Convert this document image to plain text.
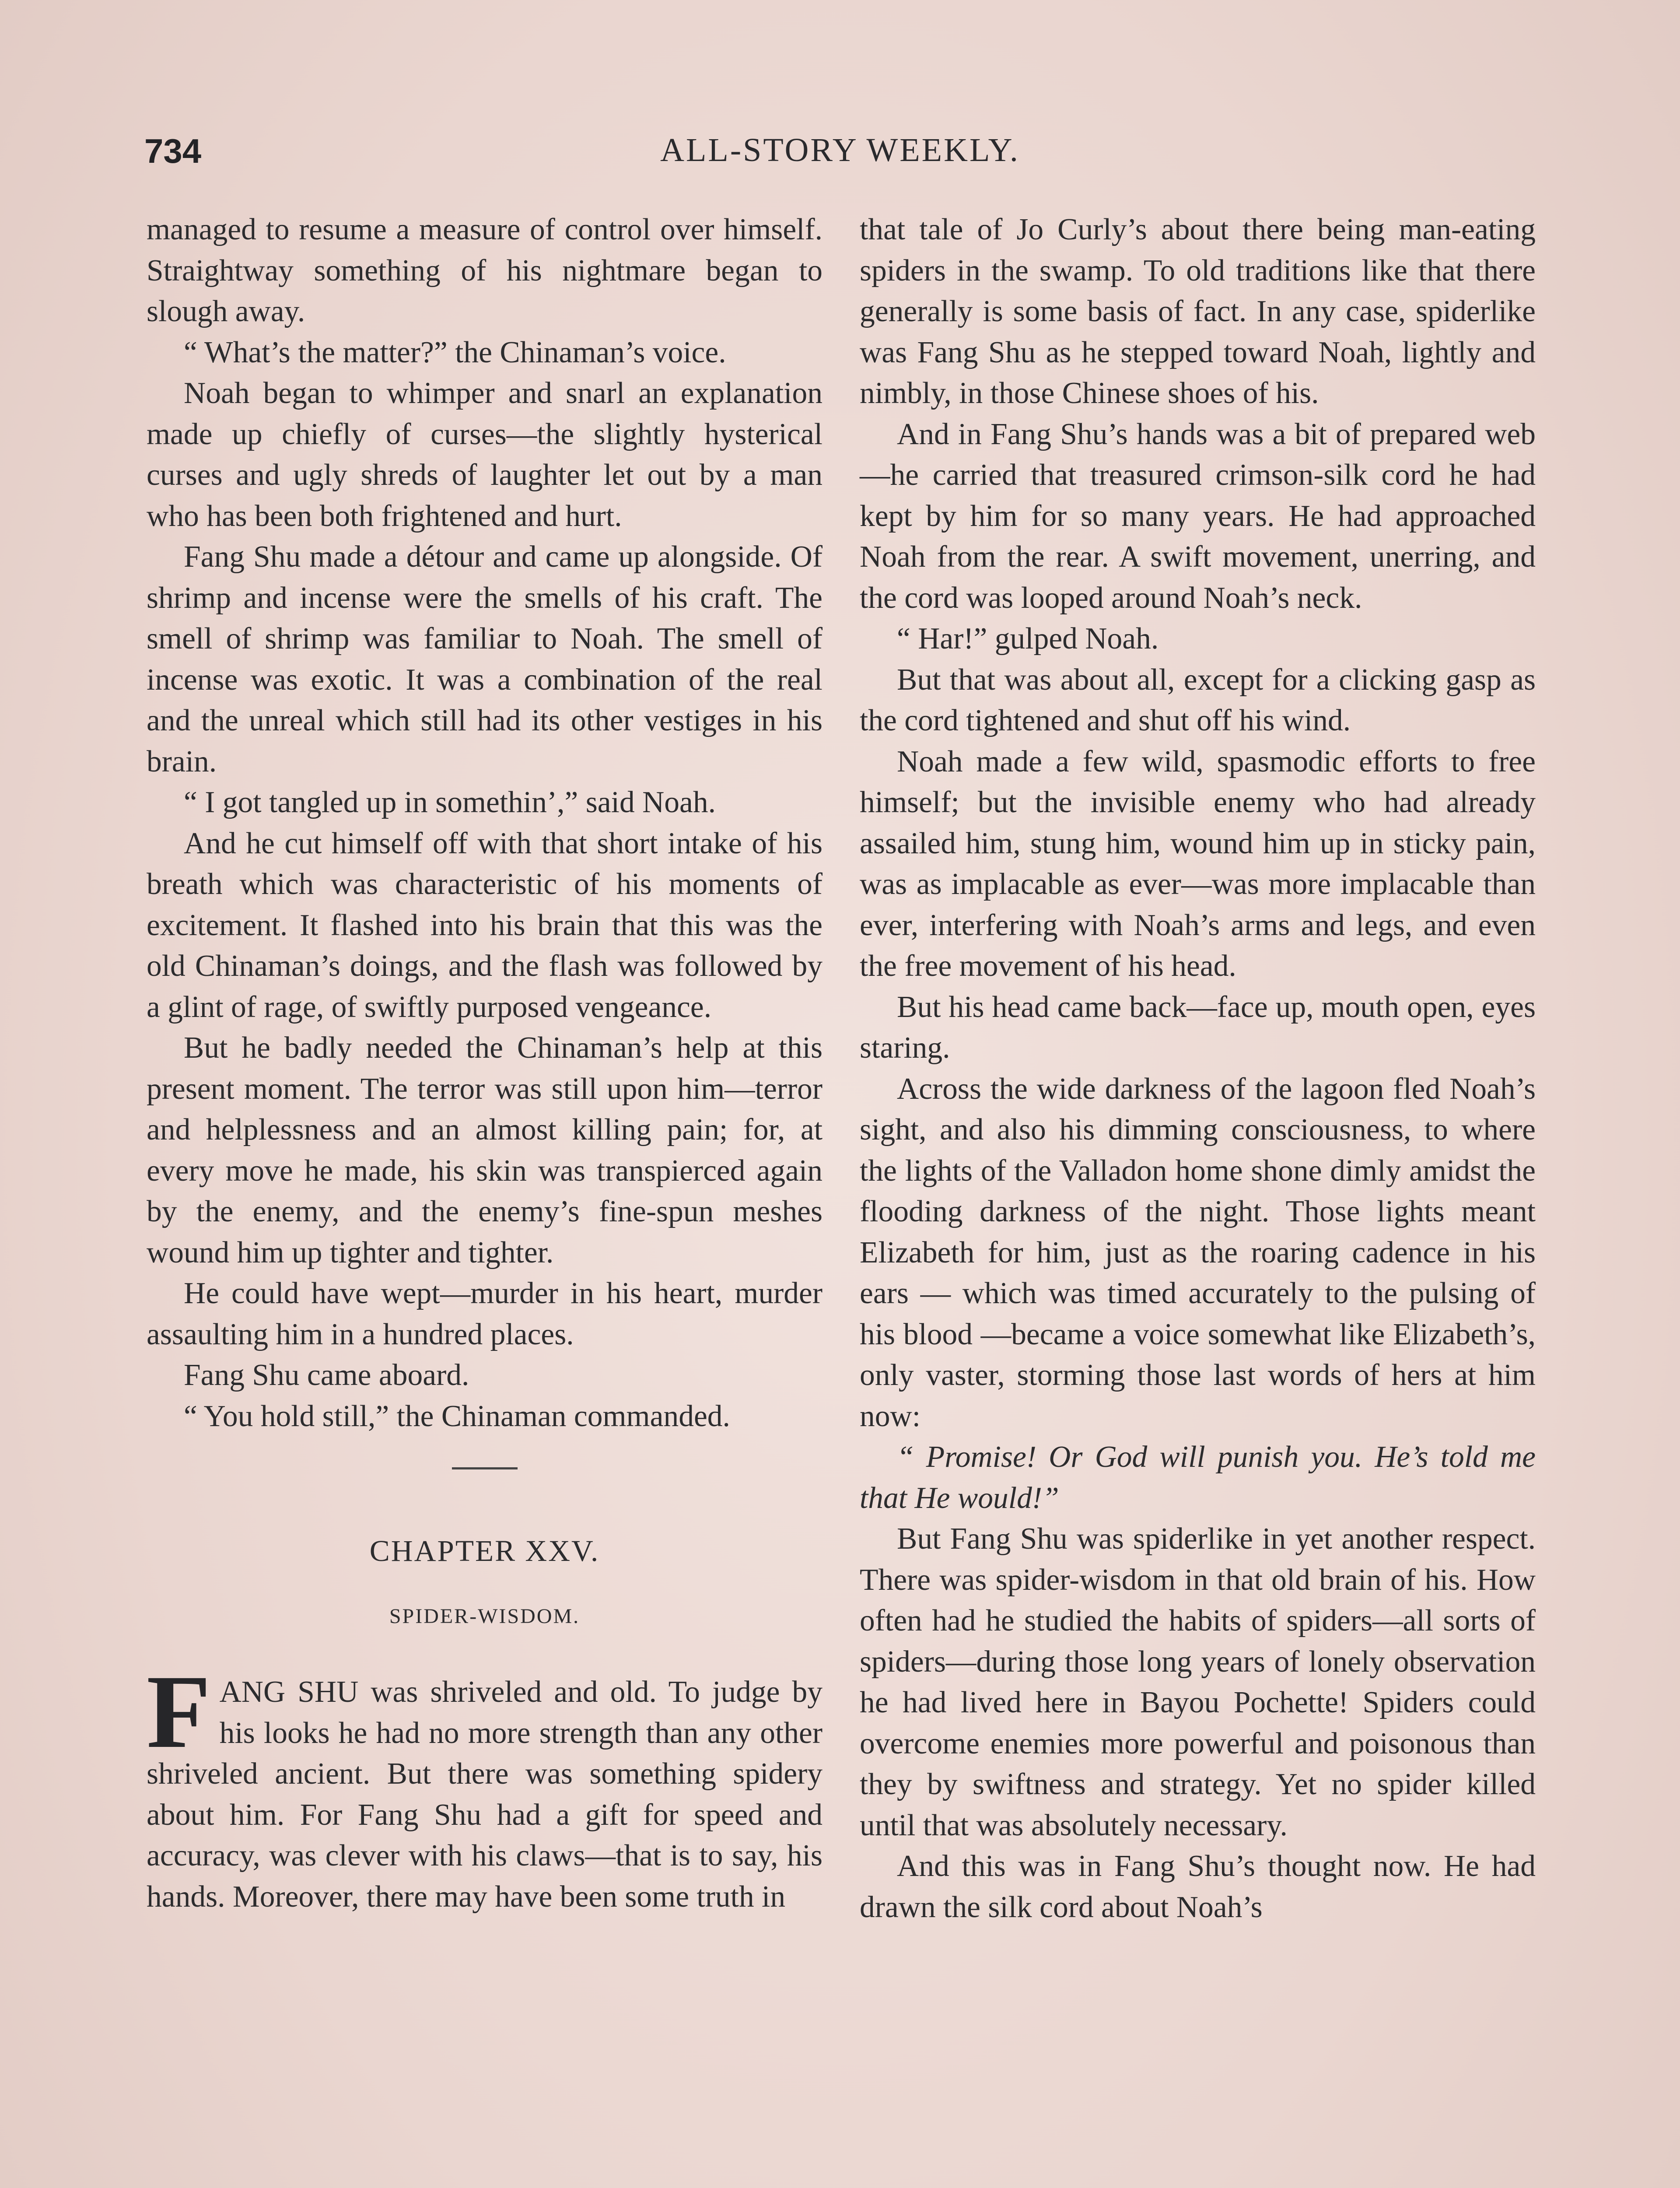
734	ALL-STORY WEEKLY.

managed to resume a measure of control over himself. Straightway something of his nightmare began to slough away.

“ What’s the matter?” the Chinaman’s voice.

Noah began to whimper and snarl an explanation made up chiefly of curses—the slightly hysterical curses and ugly shreds of laughter let out by a man who has been both frightened and hurt.

Fang Shu made a détour and came up alongside. Of shrimp and incense were the smells of his craft. The smell of shrimp was familiar to Noah. The smell of incense was exotic. It was a combination of the real and the unreal which still had its other vestiges in his brain.

“ I got tangled up in somethin’,” said Noah.

And he cut himself off with that short intake of his breath which was characteristic of his moments of excitement. It flashed into his brain that this was the old Chinaman’s doings, and the flash was followed by a glint of rage, of swiftly purposed vengeance.

But he badly needed the Chinaman’s help at this present moment. The terror was still upon him—terror and helplessness and an almost killing pain; for, at every move he made, his skin was transpierced again by the enemy, and the enemy’s fine-spun meshes wound him up tighter and tighter.

He could have wept—murder in his heart, murder assaulting him in a hundred places.

Fang Shu came aboard.

“ You hold still,” the Chinaman commanded.

CHAPTER XXV.
SPIDER-WISDOM.

FANG SHU was shriveled and old. To judge by his looks he had no more strength than any other shriveled ancient. But there was something spidery about him. For Fang Shu had a gift for speed and accuracy, was clever with his claws—that is to say, his hands. Moreover, there may have been some truth in

that tale of Jo Curly’s about there being man-eating spiders in the swamp. To old traditions like that there generally is some basis of fact. In any case, spiderlike was Fang Shu as he stepped toward Noah, lightly and nimbly, in those Chinese shoes of his.

And in Fang Shu’s hands was a bit of prepared web—he carried that treasured crimson-silk cord he had kept by him for so many years. He had approached Noah from the rear. A swift movement, unerring, and the cord was looped around Noah’s neck.

“ Har!” gulped Noah.

But that was about all, except for a clicking gasp as the cord tightened and shut off his wind.

Noah made a few wild, spasmodic efforts to free himself; but the invisible enemy who had already assailed him, stung him, wound him up in sticky pain, was as implacable as ever—was more implacable than ever, interfering with Noah’s arms and legs, and even the free movement of his head.

But his head came back—face up, mouth open, eyes staring.

Across the wide darkness of the lagoon fled Noah’s sight, and also his dimming consciousness, to where the lights of the Valladon home shone dimly amidst the flooding darkness of the night. Those lights meant Elizabeth for him, just as the roaring cadence in his ears — which was timed accurately to the pulsing of his blood —became a voice somewhat like Elizabeth’s, only vaster, storming those last words of hers at him now:

“ Promise! Or God will punish you. He’s told me that He would!”

But Fang Shu was spiderlike in yet another respect. There was spider-wisdom in that old brain of his. How often had he studied the habits of spiders—all sorts of spiders—during those long years of lonely observation he had lived here in Bayou Pochette! Spiders could overcome enemies more powerful and poisonous than they by swiftness and strategy. Yet no spider killed until that was absolutely necessary.

And this was in Fang Shu’s thought now. He had drawn the silk cord about Noah’s
